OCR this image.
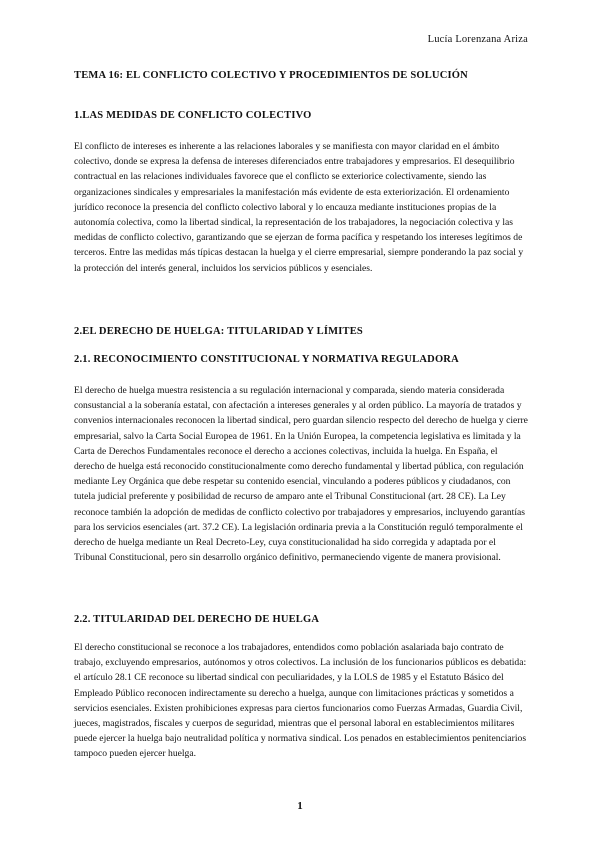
Lucía Lorenzana Ariza
TEMA 16: EL CONFLICTO COLECTIVO Y PROCEDIMIENTOS DE SOLUCIÓN
1.LAS MEDIDAS DE CONFLICTO COLECTIVO

El conflicto de intereses es inherente a las relaciones laborales y se manifiesta con mayor claridad en el ámbito colectivo, donde se expresa la defensa de intereses diferenciados entre trabajadores y empresarios. El desequilibrio contractual en las relaciones individuales favorece que el conflicto se exteriorice colectivamente, siendo las organizaciones sindicales y empresariales la manifestación más evidente de esta exteriorización. El ordenamiento jurídico reconoce la presencia del conflicto colectivo laboral y lo encauza mediante instituciones propias de la autonomía colectiva, como la libertad sindical, la representación de los trabajadores, la negociación colectiva y las medidas de conflicto colectivo, garantizando que se ejerzan de forma pacífica y respetando los intereses legítimos de terceros. Entre las medidas más típicas destacan la huelga y el cierre empresarial, siempre ponderando la paz social y la protección del interés general, incluidos los servicios públicos y esenciales.

2.EL DERECHO DE HUELGA: TITULARIDAD Y LÍMITES
2.1. RECONOCIMIENTO CONSTITUCIONAL Y NORMATIVA REGULADORA

El derecho de huelga muestra resistencia a su regulación internacional y comparada, siendo materia considerada consustancial a la soberanía estatal, con afectación a intereses generales y al orden público. La mayoría de tratados y convenios internacionales reconocen la libertad sindical, pero guardan silencio respecto del derecho de huelga y cierre empresarial, salvo la Carta Social Europea de 1961. En la Unión Europea, la competencia legislativa es limitada y la Carta de Derechos Fundamentales reconoce el derecho a acciones colectivas, incluida la huelga. En España, el derecho de huelga está reconocido constitucionalmente como derecho fundamental y libertad pública, con regulación mediante Ley Orgánica que debe respetar su contenido esencial, vinculando a poderes públicos y ciudadanos, con tutela judicial preferente y posibilidad de recurso de amparo ante el Tribunal Constitucional (art. 28 CE). La Ley reconoce también la adopción de medidas de conflicto colectivo por trabajadores y empresarios, incluyendo garantías para los servicios esenciales (art. 37.2 CE). La legislación ordinaria previa a la Constitución reguló temporalmente el derecho de huelga mediante un Real Decreto-Ley, cuya constitucionalidad ha sido corregida y adaptada por el Tribunal Constitucional, pero sin desarrollo orgánico definitivo, permaneciendo vigente de manera provisional.

2.2. TITULARIDAD DEL DERECHO DE HUELGA

El derecho constitucional se reconoce a los trabajadores, entendidos como población asalariada bajo contrato de trabajo, excluyendo empresarios, autónomos y otros colectivos. La inclusión de los funcionarios públicos es debatida: el artículo 28.1 CE reconoce su libertad sindical con peculiaridades, y la LOLS de 1985 y el Estatuto Básico del Empleado Público reconocen indirectamente su derecho a huelga, aunque con limitaciones prácticas y sometidos a servicios esenciales. Existen prohibiciones expresas para ciertos funcionarios como Fuerzas Armadas, Guardia Civil, jueces, magistrados, fiscales y cuerpos de seguridad, mientras que el personal laboral en establecimientos militares puede ejercer la huelga bajo neutralidad política y normativa sindical. Los penados en establecimientos penitenciarios tampoco pueden ejercer huelga.

1
